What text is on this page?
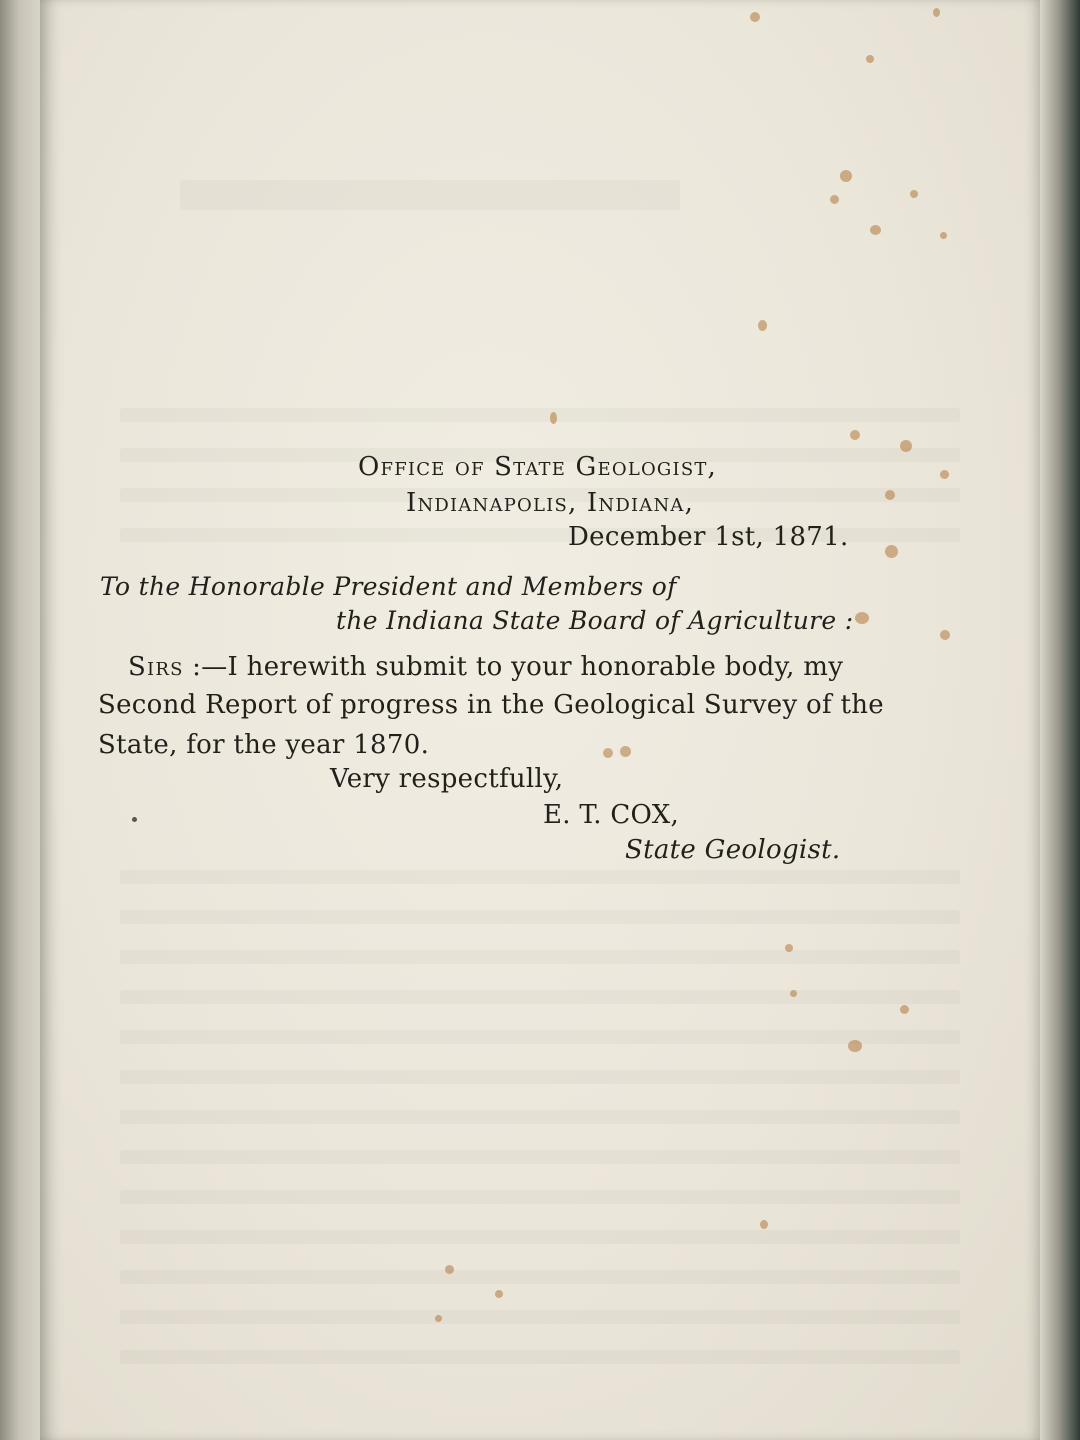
Office of State Geologist,
Indianapolis, Indiana,
December 1st, 1871.
To the Honorable President and Members of
the Indiana State Board of Agriculture :
Sirs :—I herewith submit to your honorable body, my
Second Report of progress in the Geological Survey of the
State, for the year 1870.
Very respectfully,
E. T. COX,
State Geologist.
